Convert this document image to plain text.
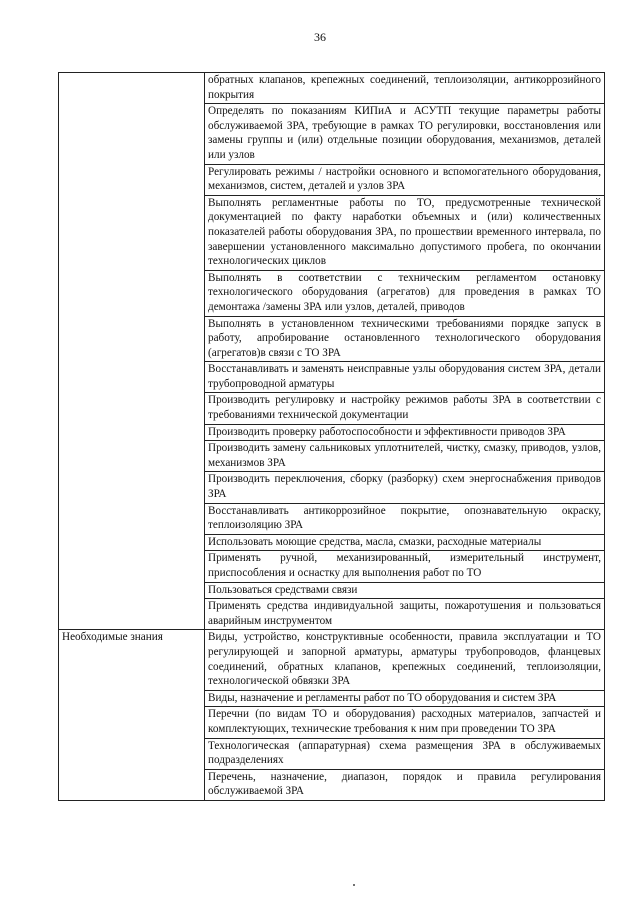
36
	обратных клапанов, крепежных соединений, теплоизоляции, антикоррозийного покрытия
	Определять по показаниям КИПиА и АСУТП текущие параметры работы обслуживаемой ЗРА, требующие в рамках ТО регулировки, восстановления или замены группы и (или) отдельные позиции оборудования, механизмов, деталей или узлов
	Регулировать режимы / настройки основного и вспомогательного оборудования, механизмов, систем, деталей и узлов ЗРА
	Выполнять регламентные работы по ТО, предусмотренные технической документацией по факту наработки объемных и (или) количественных показателей работы оборудования ЗРА, по прошествии временного интервала, по завершении установленного максимально допустимого пробега, по окончании технологических циклов
	Выполнять в соответствии с техническим регламентом остановку технологического оборудования (агрегатов) для проведения в рамках ТО демонтажа /замены ЗРА или узлов, деталей, приводов
	Выполнять в установленном техническими требованиями порядке запуск в работу, апробирование остановленного технологического оборудования (агрегатов)в связи с ТО ЗРА
	Восстанавливать и заменять неисправные узлы оборудования систем ЗРА, детали трубопроводной арматуры
	Производить регулировку и настройку режимов работы ЗРА в соответствии с требованиями технической документации
	Производить проверку работоспособности и эффективности приводов ЗРА
	Производить замену сальниковых уплотнителей, чистку, смазку, приводов, узлов, механизмов ЗРА
	Производить переключения, сборку (разборку) схем энергоснабжения приводов ЗРА
	Восстанавливать антикоррозийное покрытие, опознавательную окраску, теплоизоляцию ЗРА
	Использовать моющие средства, масла, смазки, расходные материалы
	Применять ручной, механизированный, измерительный инструмент, приспособления и оснастку для выполнения работ по ТО
	Пользоваться средствами связи
	Применять средства индивидуальной защиты, пожаротушения и пользоваться аварийным инструментом
Необходимые знания	Виды, устройство, конструктивные особенности, правила эксплуатации и ТО регулирующей и запорной арматуры, арматуры трубопроводов, фланцевых соединений, обратных клапанов, крепежных соединений, теплоизоляции, технологической обвязки ЗРА
	Виды, назначение и регламенты работ по ТО оборудования и систем ЗРА
	Перечни (по видам ТО и оборудования) расходных материалов, запчастей и комплектующих, технические требования к ним при проведении ТО ЗРА
	Технологическая (аппаратурная) схема размещения ЗРА в обслуживаемых подразделениях
	Перечень, назначение, диапазон, порядок и правила регулирования обслуживаемой ЗРА
